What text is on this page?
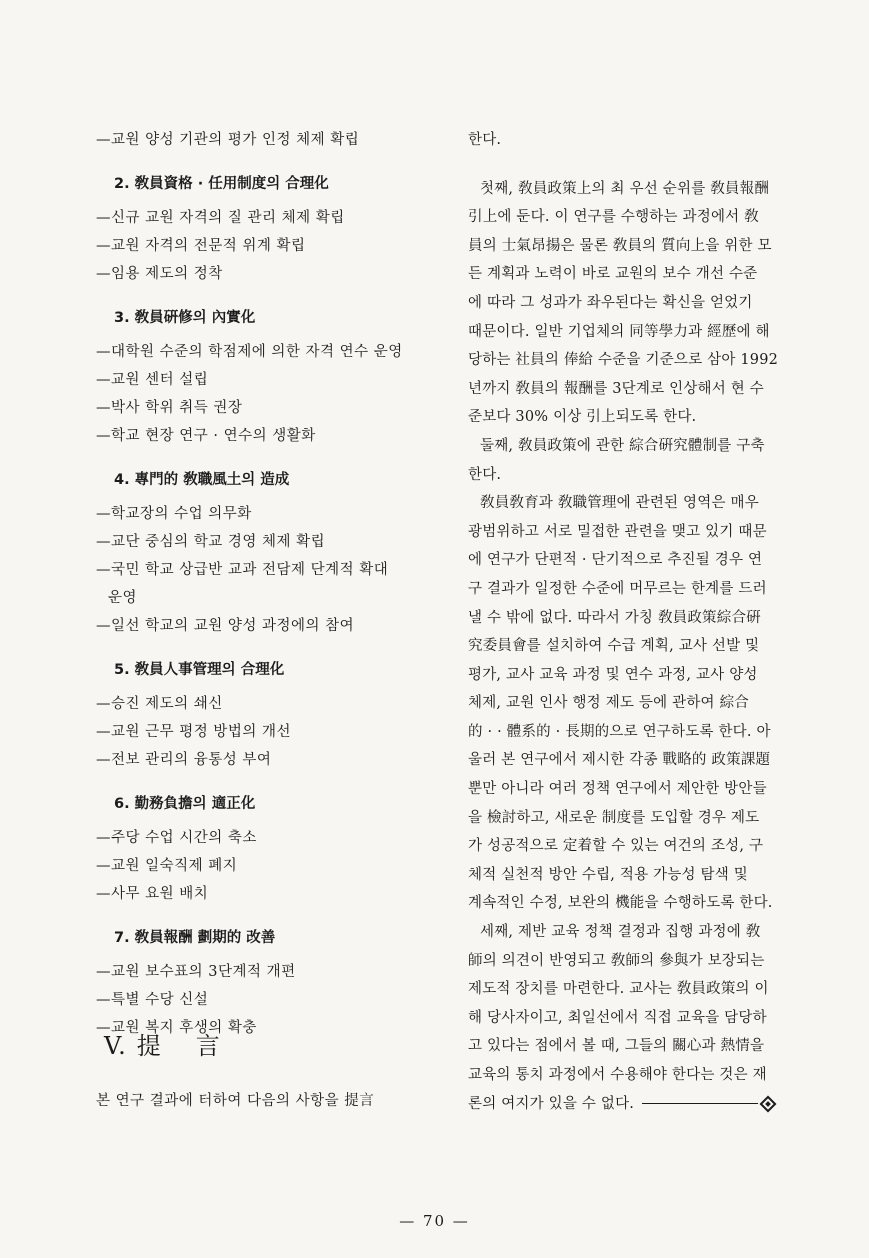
—교원 양성 기관의 평가 인정 체제 확립
2. 敎員資格 · 任用制度의 合理化
—신규 교원 자격의 질 관리 체제 확립
—교원 자격의 전문적 위계 확립
—임용 제도의 정착
3. 敎員硏修의 內實化
—대학원 수준의 학점제에 의한 자격 연수 운영
—교원 센터 설립
—박사 학위 취득 권장
—학교 현장 연구 · 연수의 생활화
4. 專門的 敎職風土의 造成
—학교장의 수업 의무화
—교단 중심의 학교 경영 체제 확립
—국민 학교 상급반 교과 전담제 단계적 확대
운영
—일선 학교의 교원 양성 과정에의 참여
5. 敎員人事管理의 合理化
—승진 제도의 쇄신
—교원 근무 평정 방법의 개선
—전보 관리의 융통성 부여
6. 勤務負擔의 適正化
—주당 수업 시간의 축소
—교원 일숙직제 폐지
—사무 요원 배치
7. 敎員報酬 劃期的 改善
—교원 보수표의 3단계적 개편
—특별 수당 신설
—교원 복지 후생의 확충
V. 提 言
본 연구 결과에 터하여 다음의 사항을 提言
한다.
첫째, 敎員政策上의 최 우선 순위를 敎員報酬
引上에 둔다. 이 연구를 수행하는 과정에서 敎
員의 士氣昂揚은 물론 敎員의 質向上을 위한 모
든 계획과 노력이 바로 교원의 보수 개선 수준
에 따라 그 성과가 좌우된다는 확신을 얻었기
때문이다. 일반 기업체의 同等學力과 經歷에 해
당하는 社員의 俸給 수준을 기준으로 삼아 1992
년까지 敎員의 報酬를 3단계로 인상해서 현 수
준보다 30% 이상 引上되도록 한다.
둘째, 敎員政策에 관한 綜合硏究體制를 구축
한다.
敎員敎育과 敎職管理에 관련된 영역은 매우
광범위하고 서로 밀접한 관련을 맺고 있기 때문
에 연구가 단편적 · 단기적으로 추진될 경우 연
구 결과가 일정한 수준에 머무르는 한계를 드러
낼 수 밖에 없다. 따라서 가칭 敎員政策綜合硏
究委員會를 설치하여 수급 계획, 교사 선발 및
평가, 교사 교육 과정 및 연수 과정, 교사 양성
체제, 교원 인사 행정 제도 등에 관하여 綜合
的 · · 體系的 · 長期的으로 연구하도록 한다. 아
울러 본 연구에서 제시한 각종 戰略的 政策課題
뿐만 아니라 여러 정책 연구에서 제안한 방안들
을 檢討하고, 새로운 制度를 도입할 경우 제도
가 성공적으로 定着할 수 있는 여건의 조성, 구
체적 실천적 방안 수립, 적용 가능성 탐색 및
계속적인 수정, 보완의 機能을 수행하도록 한다.
세째, 제반 교육 정책 결정과 집행 과정에 敎
師의 의견이 반영되고 敎師의 參與가 보장되는
제도적 장치를 마련한다. 교사는 敎員政策의 이
해 당사자이고, 최일선에서 직접 교육을 담당하
고 있다는 점에서 볼 때, 그들의 關心과 熱情을
교육의 통치 과정에서 수용해야 한다는 것은 재
론의 여지가 있을 수 없다.
— 70 —
